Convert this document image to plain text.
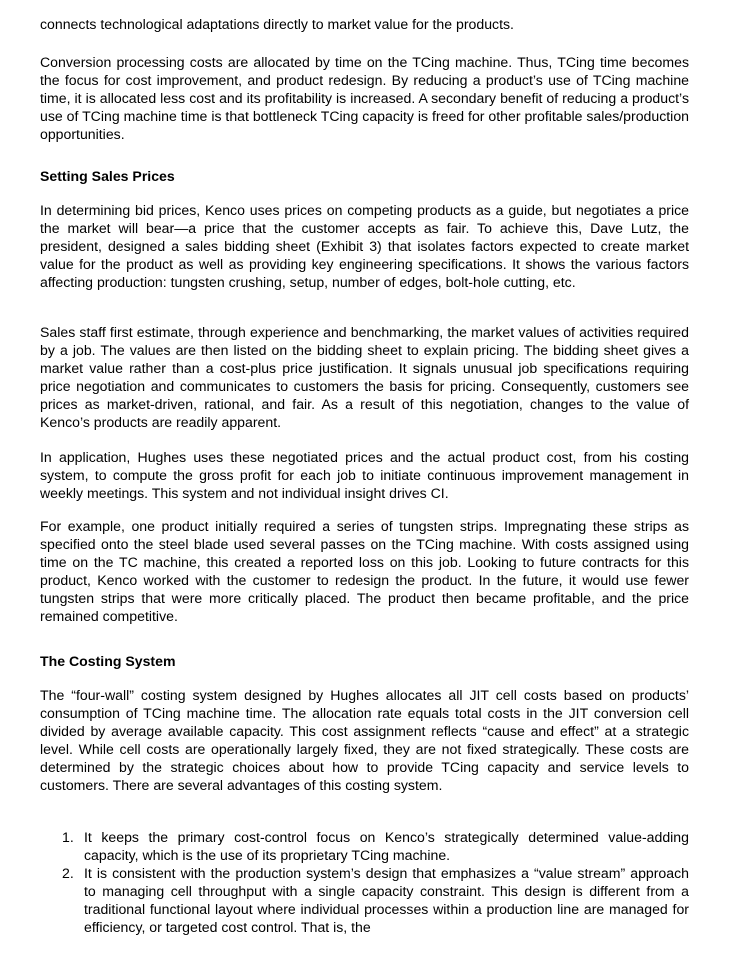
connects technological adaptations directly to market value for the products.

Conversion processing costs are allocated by time on the TCing machine. Thus, TCing time becomes the focus for cost improvement, and product redesign. By reducing a product’s use of TCing machine time, it is allocated less cost and its profitability is increased. A secondary benefit of reducing a product’s use of TCing machine time is that bottleneck TCing capacity is freed for other profitable sales/production opportunities.

Setting Sales Prices

In determining bid prices, Kenco uses prices on competing products as a guide, but negotiates a price the market will bear—a price that the customer accepts as fair. To achieve this, Dave Lutz, the president, designed a sales bidding sheet (Exhibit 3) that isolates factors expected to create market value for the product as well as providing key engineering specifications. It shows the various factors affecting production: tungsten crushing, setup, number of edges, bolt-hole cutting, etc.

Sales staff first estimate, through experience and benchmarking, the market values of activities required by a job. The values are then listed on the bidding sheet to explain pricing. The bidding sheet gives a market value rather than a cost-plus price justification. It signals unusual job specifications requiring price negotiation and communicates to customers the basis for pricing. Consequently, customers see prices as market-driven, rational, and fair. As a result of this negotiation, changes to the value of Kenco’s products are readily apparent.

In application, Hughes uses these negotiated prices and the actual product cost, from his costing system, to compute the gross profit for each job to initiate continuous improvement management in weekly meetings. This system and not individual insight drives CI.

For example, one product initially required a series of tungsten strips. Impregnating these strips as specified onto the steel blade used several passes on the TCing machine. With costs assigned using time on the TC machine, this created a reported loss on this job. Looking to future contracts for this product, Kenco worked with the customer to redesign the product. In the future, it would use fewer tungsten strips that were more critically placed. The product then became profitable, and the price remained competitive.

The Costing System

The “four-wall” costing system designed by Hughes allocates all JIT cell costs based on products’ consumption of TCing machine time. The allocation rate equals total costs in the JIT conversion cell divided by average available capacity. This cost assignment reflects “cause and effect” at a strategic level. While cell costs are operationally largely fixed, they are not fixed strategically. These costs are determined by the strategic choices about how to provide TCing capacity and service levels to customers. There are several advantages of this costing system.

1. It keeps the primary cost-control focus on Kenco’s strategically determined value-adding capacity, which is the use of its proprietary TCing machine.
2. It is consistent with the production system’s design that emphasizes a “value stream” approach to managing cell throughput with a single capacity constraint. This design is different from a traditional functional layout where individual processes within a production line are managed for efficiency, or targeted cost control. That is, the
